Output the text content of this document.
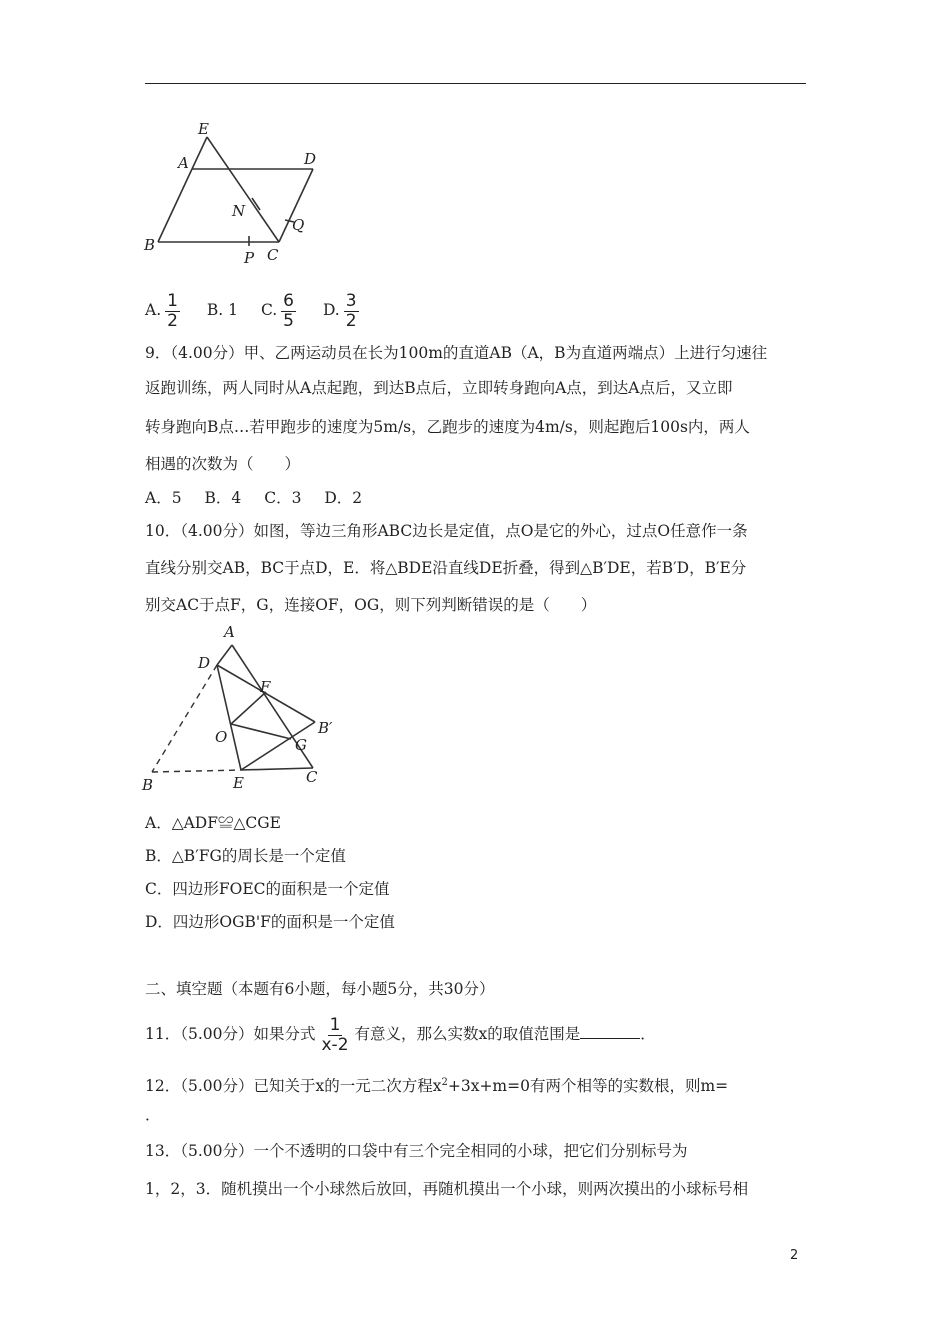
E
A	D
N
Q
B
P C
A. $\frac{1}{2} B$. 1 C. $\frac{6}{5} D$. $\frac{3}{2}$
9．（4.00分）甲、乙两运动员在长为100m的直道AB（A，B为直道两端点）上进行匀速往
返跑训练，两人同时从A点起跑，到达B点后，立即转身跑向A点，到达A点后，又立即
转身跑向B点…若甲跑步的速度为5m/s，乙跑步的速度为4m/s，则起跑后100s内，两人
相遇的次数为（　　）
A．5 B．4 C．3 D．2
10．（4.00分）如图，等边三角形ABC边长是定值，点O是它的外心，过点O任意作一条
直线分别交AB，BC于点D，E．将△BDE沿直线DE折叠，得到△B′DE，若B′D，B′E分
别交AC于点F，G，连接OF，OG，则下列判断错误的是（　　）
A
D
F
B′
O	G
B	E	C
A．△ADF≌△CGE
B．△B′FG的周长是一个定值
C．四边形FOEC的面积是一个定值
D．四边形OGB'F的面积是一个定值
二、填空题（本题有6小题，每小题5分，共30分）
11．（5.00分）如果分式 $\frac{1}{x-2}$ 有意义，那么实数x的取值范围是	．
12．（5.00分）已知关于x的一元二次方程$x^2+3x+m=0$有两个相等的实数根，则m=
．
13．（5.00分）一个不透明的口袋中有三个完全相同的小球，把它们分别标号为
1，2，3．随机摸出一个小球然后放回，再随机摸出一个小球，则两次摸出的小球标号相
2
